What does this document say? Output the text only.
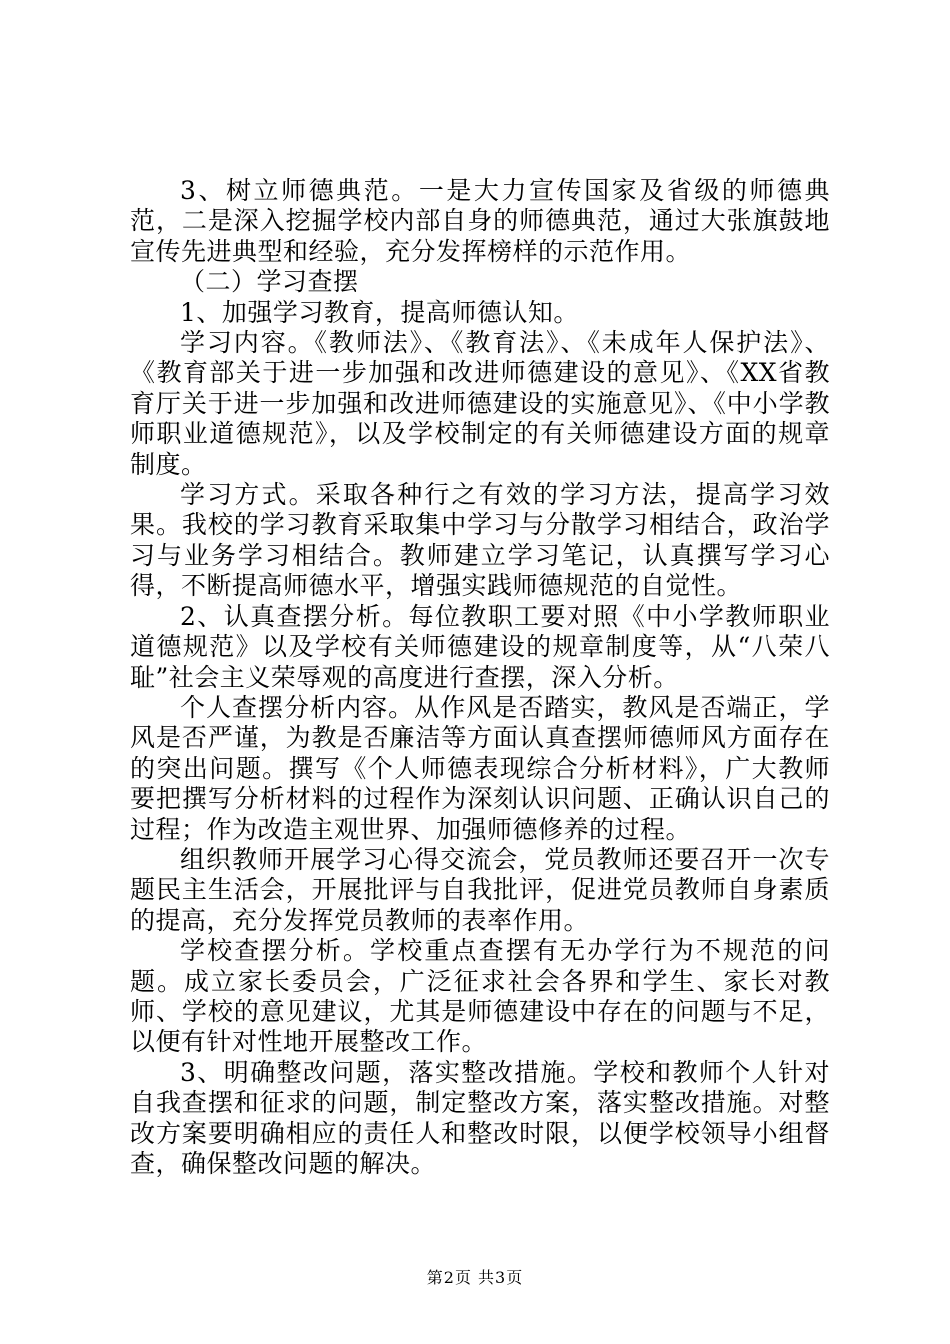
3、树立师德典范。一是大力宣传国家及省级的师德典范，二是深入挖掘学校内部自身的师德典范，通过大张旗鼓地宣传先进典型和经验，充分发挥榜样的示范作用。

（二）学习查摆

1、加强学习教育，提高师德认知。

学习内容。《教师法》、《教育法》、《未成年人保护法》、《教育部关于进一步加强和改进师德建设的意见》、《XX省教育厅关于进一步加强和改进师德建设的实施意见》、《中小学教师职业道德规范》，以及学校制定的有关师德建设方面的规章制度。

学习方式。采取各种行之有效的学习方法，提高学习效果。我校的学习教育采取集中学习与分散学习相结合，政治学习与业务学习相结合。教师建立学习笔记，认真撰写学习心得，不断提高师德水平，增强实践师德规范的自觉性。

2、认真查摆分析。每位教职工要对照《中小学教师职业道德规范》以及学校有关师德建设的规章制度等，从“八荣八耻”社会主义荣辱观的高度进行查摆，深入分析。

个人查摆分析内容。从作风是否踏实，教风是否端正，学风是否严谨，为教是否廉洁等方面认真查摆师德师风方面存在的突出问题。撰写《个人师德表现综合分析材料》，广大教师要把撰写分析材料的过程作为深刻认识问题、正确认识自己的过程；作为改造主观世界、加强师德修养的过程。

组织教师开展学习心得交流会，党员教师还要召开一次专题民主生活会，开展批评与自我批评，促进党员教师自身素质的提高，充分发挥党员教师的表率作用。

学校查摆分析。学校重点查摆有无办学行为不规范的问题。成立家长委员会，广泛征求社会各界和学生、家长对教师、学校的意见建议，尤其是师德建设中存在的问题与不足，以便有针对性地开展整改工作。

3、明确整改问题，落实整改措施。学校和教师个人针对自我查摆和征求的问题，制定整改方案，落实整改措施。对整改方案要明确相应的责任人和整改时限，以便学校领导小组督查，确保整改问题的解决。

第2页 共3页
